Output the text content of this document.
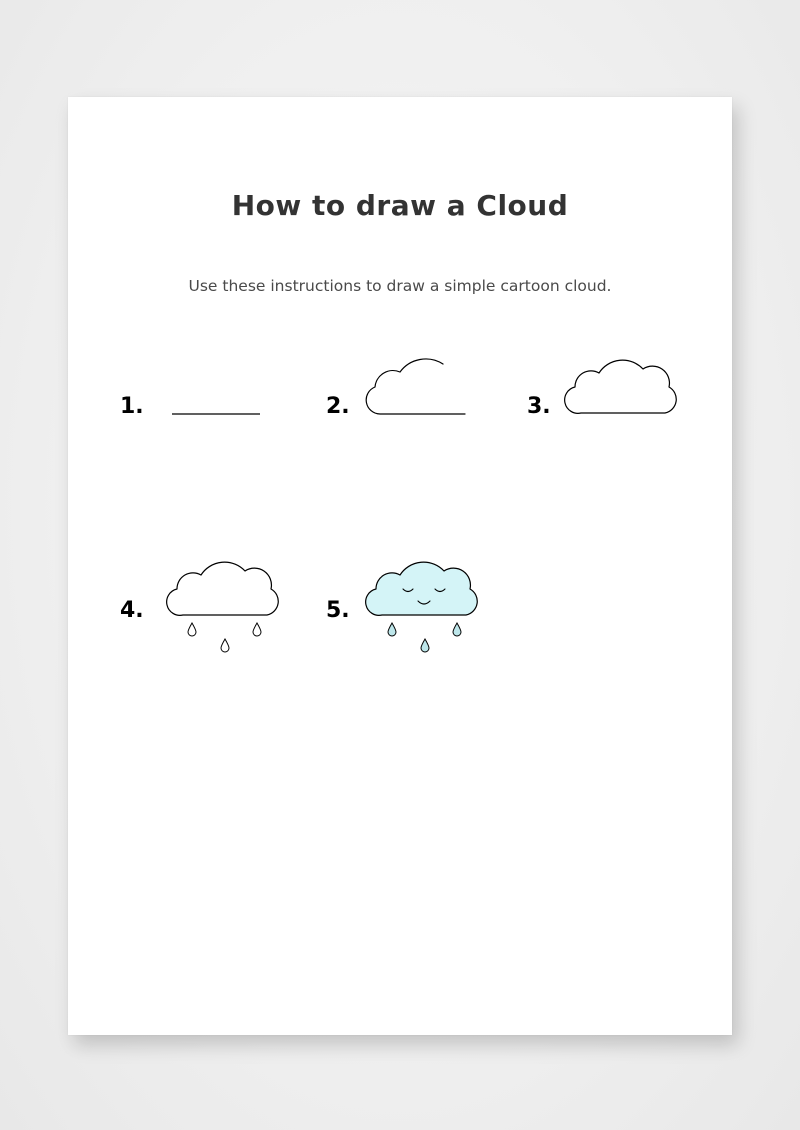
How to draw a Cloud

Use these instructions to draw a simple cartoon cloud.

1.	2.	3.
4.	5.
